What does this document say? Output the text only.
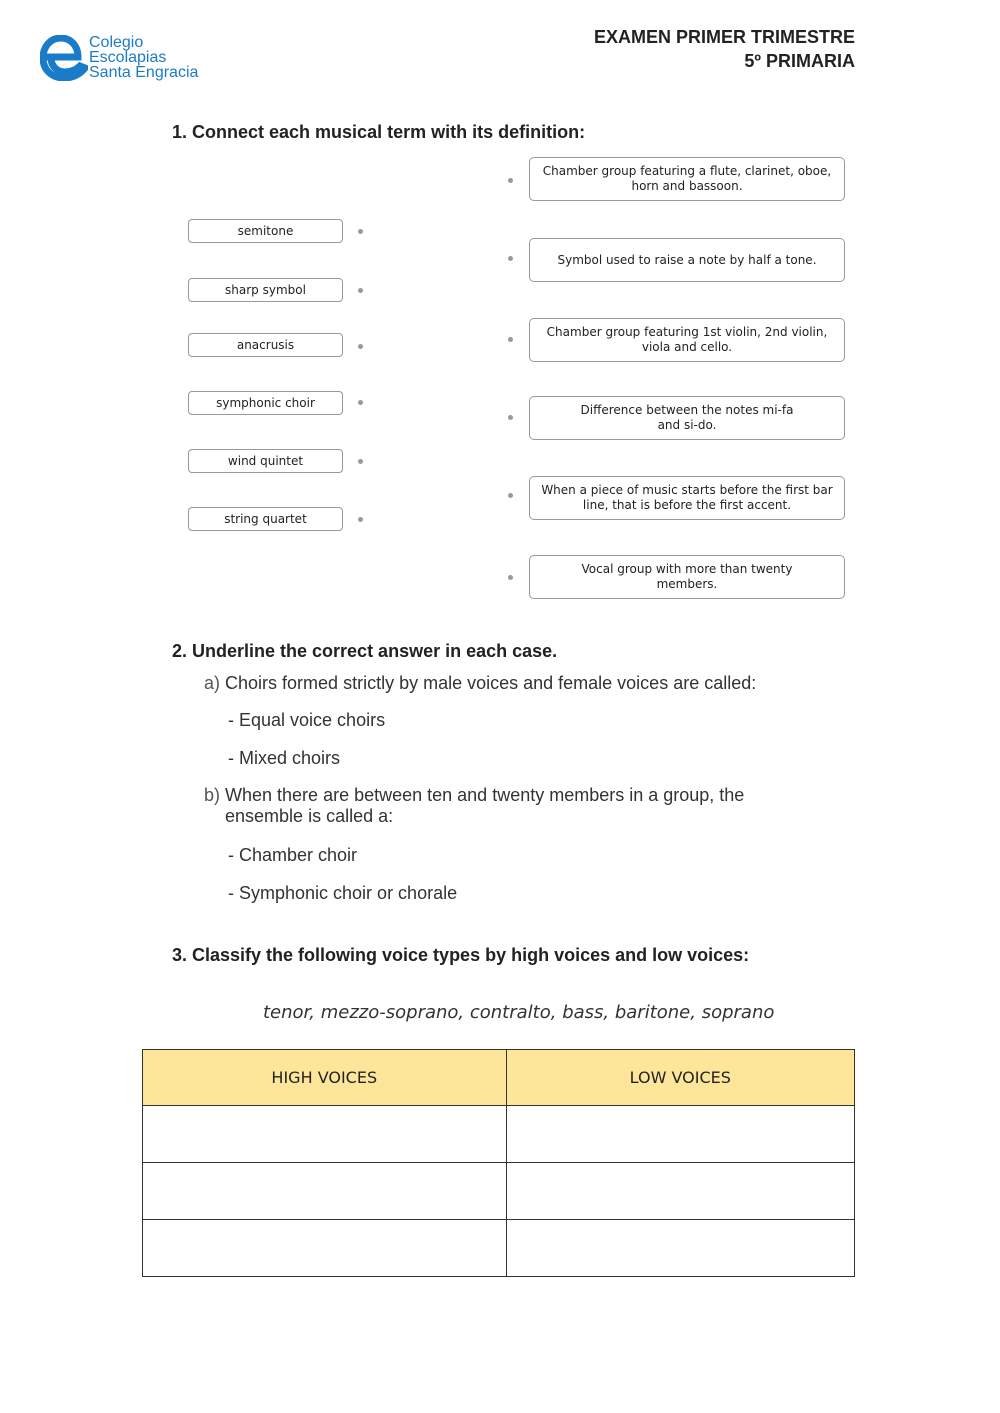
Colegio
Escolapias
Santa Engracia
EXAMEN PRIMER TRIMESTRE
5º PRIMARIA
1. Connect each musical term with its definition:
semitone
sharp symbol
anacrusis
symphonic choir
wind quintet
string quartet
Chamber group featuring a flute, clarinet, oboe, horn and bassoon.
Symbol used to raise a note by half a tone.
Chamber group featuring 1st violin, 2nd violin, viola and cello.
Difference between the notes mi-fa and si-do.
When a piece of music starts before the first bar line, that is before the first accent.
Vocal group with more than twenty members.
2. Underline the correct answer in each case.
a) Choirs formed strictly by male voices and female voices are called:
- Equal voice choirs
- Mixed choirs
b) When there are between ten and twenty members in a group, the ensemble is called a:
- Chamber choir
- Symphonic choir or chorale
3. Classify the following voice types by high voices and low voices:
tenor, mezzo-soprano, contralto, bass, baritone, soprano
HIGH VOICES	LOW VOICES
